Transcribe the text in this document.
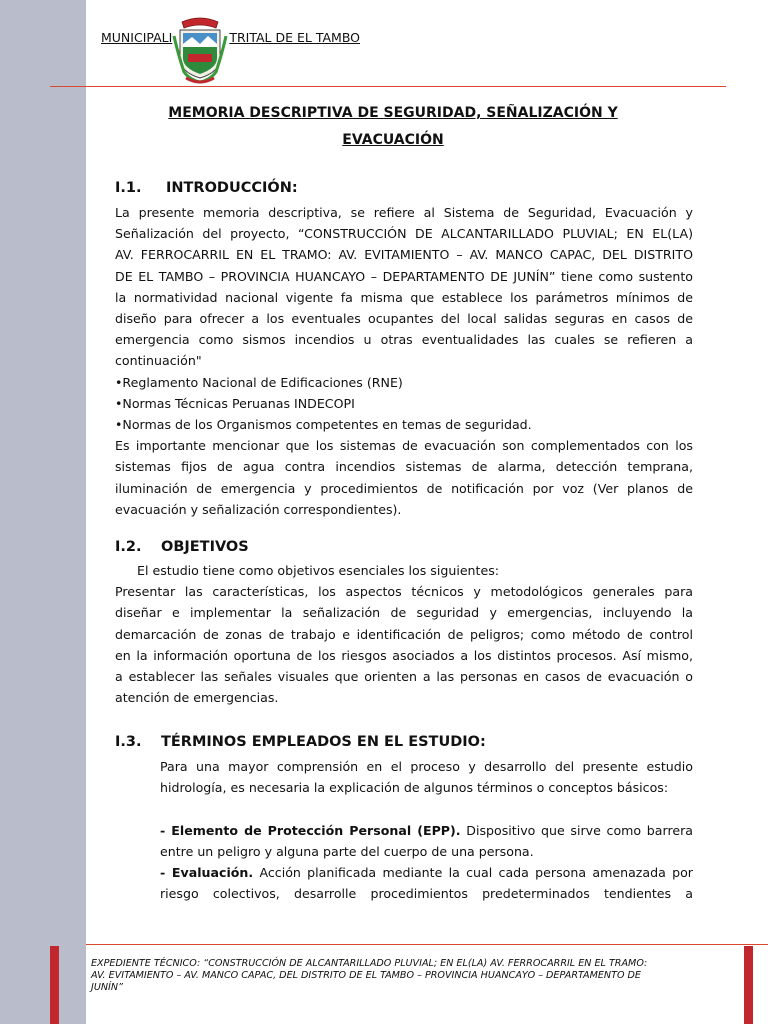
MUNICIPALI	TRITAL DE EL TAMBO
MEMORIA DESCRIPTIVA DE SEGURIDAD, SEÑALIZACIÓN Y
EVACUACIÓN
I.1. INTRODUCCIÓN:
La presente memoria descriptiva, se refiere al Sistema de Seguridad, Evacuación y
Señalización del proyecto, “CONSTRUCCIÓN DE ALCANTARILLADO PLUVIAL; EN EL(LA)
AV. FERROCARRIL EN EL TRAMO: AV. EVITAMIENTO – AV. MANCO CAPAC, DEL DISTRITO
DE EL TAMBO – PROVINCIA HUANCAYO – DEPARTAMENTO DE JUNÍN” tiene como sustento
la normatividad nacional vigente fa misma que establece los parámetros mínimos de
diseño para ofrecer a los eventuales ocupantes del local salidas seguras en casos de
emergencia como sismos incendios u otras eventualidades las cuales se refieren a
continuación"
•Reglamento Nacional de Edificaciones (RNE)
•Normas Técnicas Peruanas INDECOPI
•Normas de los Organismos competentes en temas de seguridad.
Es importante mencionar que los sistemas de evacuación son complementados con los
sistemas fijos de agua contra incendios sistemas de alarma, detección temprana,
iluminación de emergencia y procedimientos de notificación por voz (Ver planos de
evacuación y señalización correspondientes).
I.2. OBJETIVOS
El estudio tiene como objetivos esenciales los siguientes:
Presentar las características, los aspectos técnicos y metodológicos generales para
diseñar e implementar la señalización de seguridad y emergencias, incluyendo la
demarcación de zonas de trabajo e identificación de peligros; como método de control
en la información oportuna de los riesgos asociados a los distintos procesos. Así mismo,
a establecer las señales visuales que orienten a las personas en casos de evacuación o
atención de emergencias.
I.3. TÉRMINOS EMPLEADOS EN EL ESTUDIO:
Para una mayor comprensión en el proceso y desarrollo del presente estudio
hidrología, es necesaria la explicación de algunos términos o conceptos básicos:

- Elemento de Protección Personal (EPP). Dispositivo que sirve como barrera
entre un peligro y alguna parte del cuerpo de una persona.
- Evaluación. Acción planificada mediante la cual cada persona amenazada por
riesgo colectivos, desarrolle procedimientos predeterminados tendientes a
EXPEDIENTE TÉCNICO: “CONSTRUCCIÓN DE ALCANTARILLADO PLUVIAL; EN EL(LA) AV. FERROCARRIL EN EL TRAMO:
AV. EVITAMIENTO – AV. MANCO CAPAC, DEL DISTRITO DE EL TAMBO – PROVINCIA HUANCAYO – DEPARTAMENTO DE
JUNÍN”
